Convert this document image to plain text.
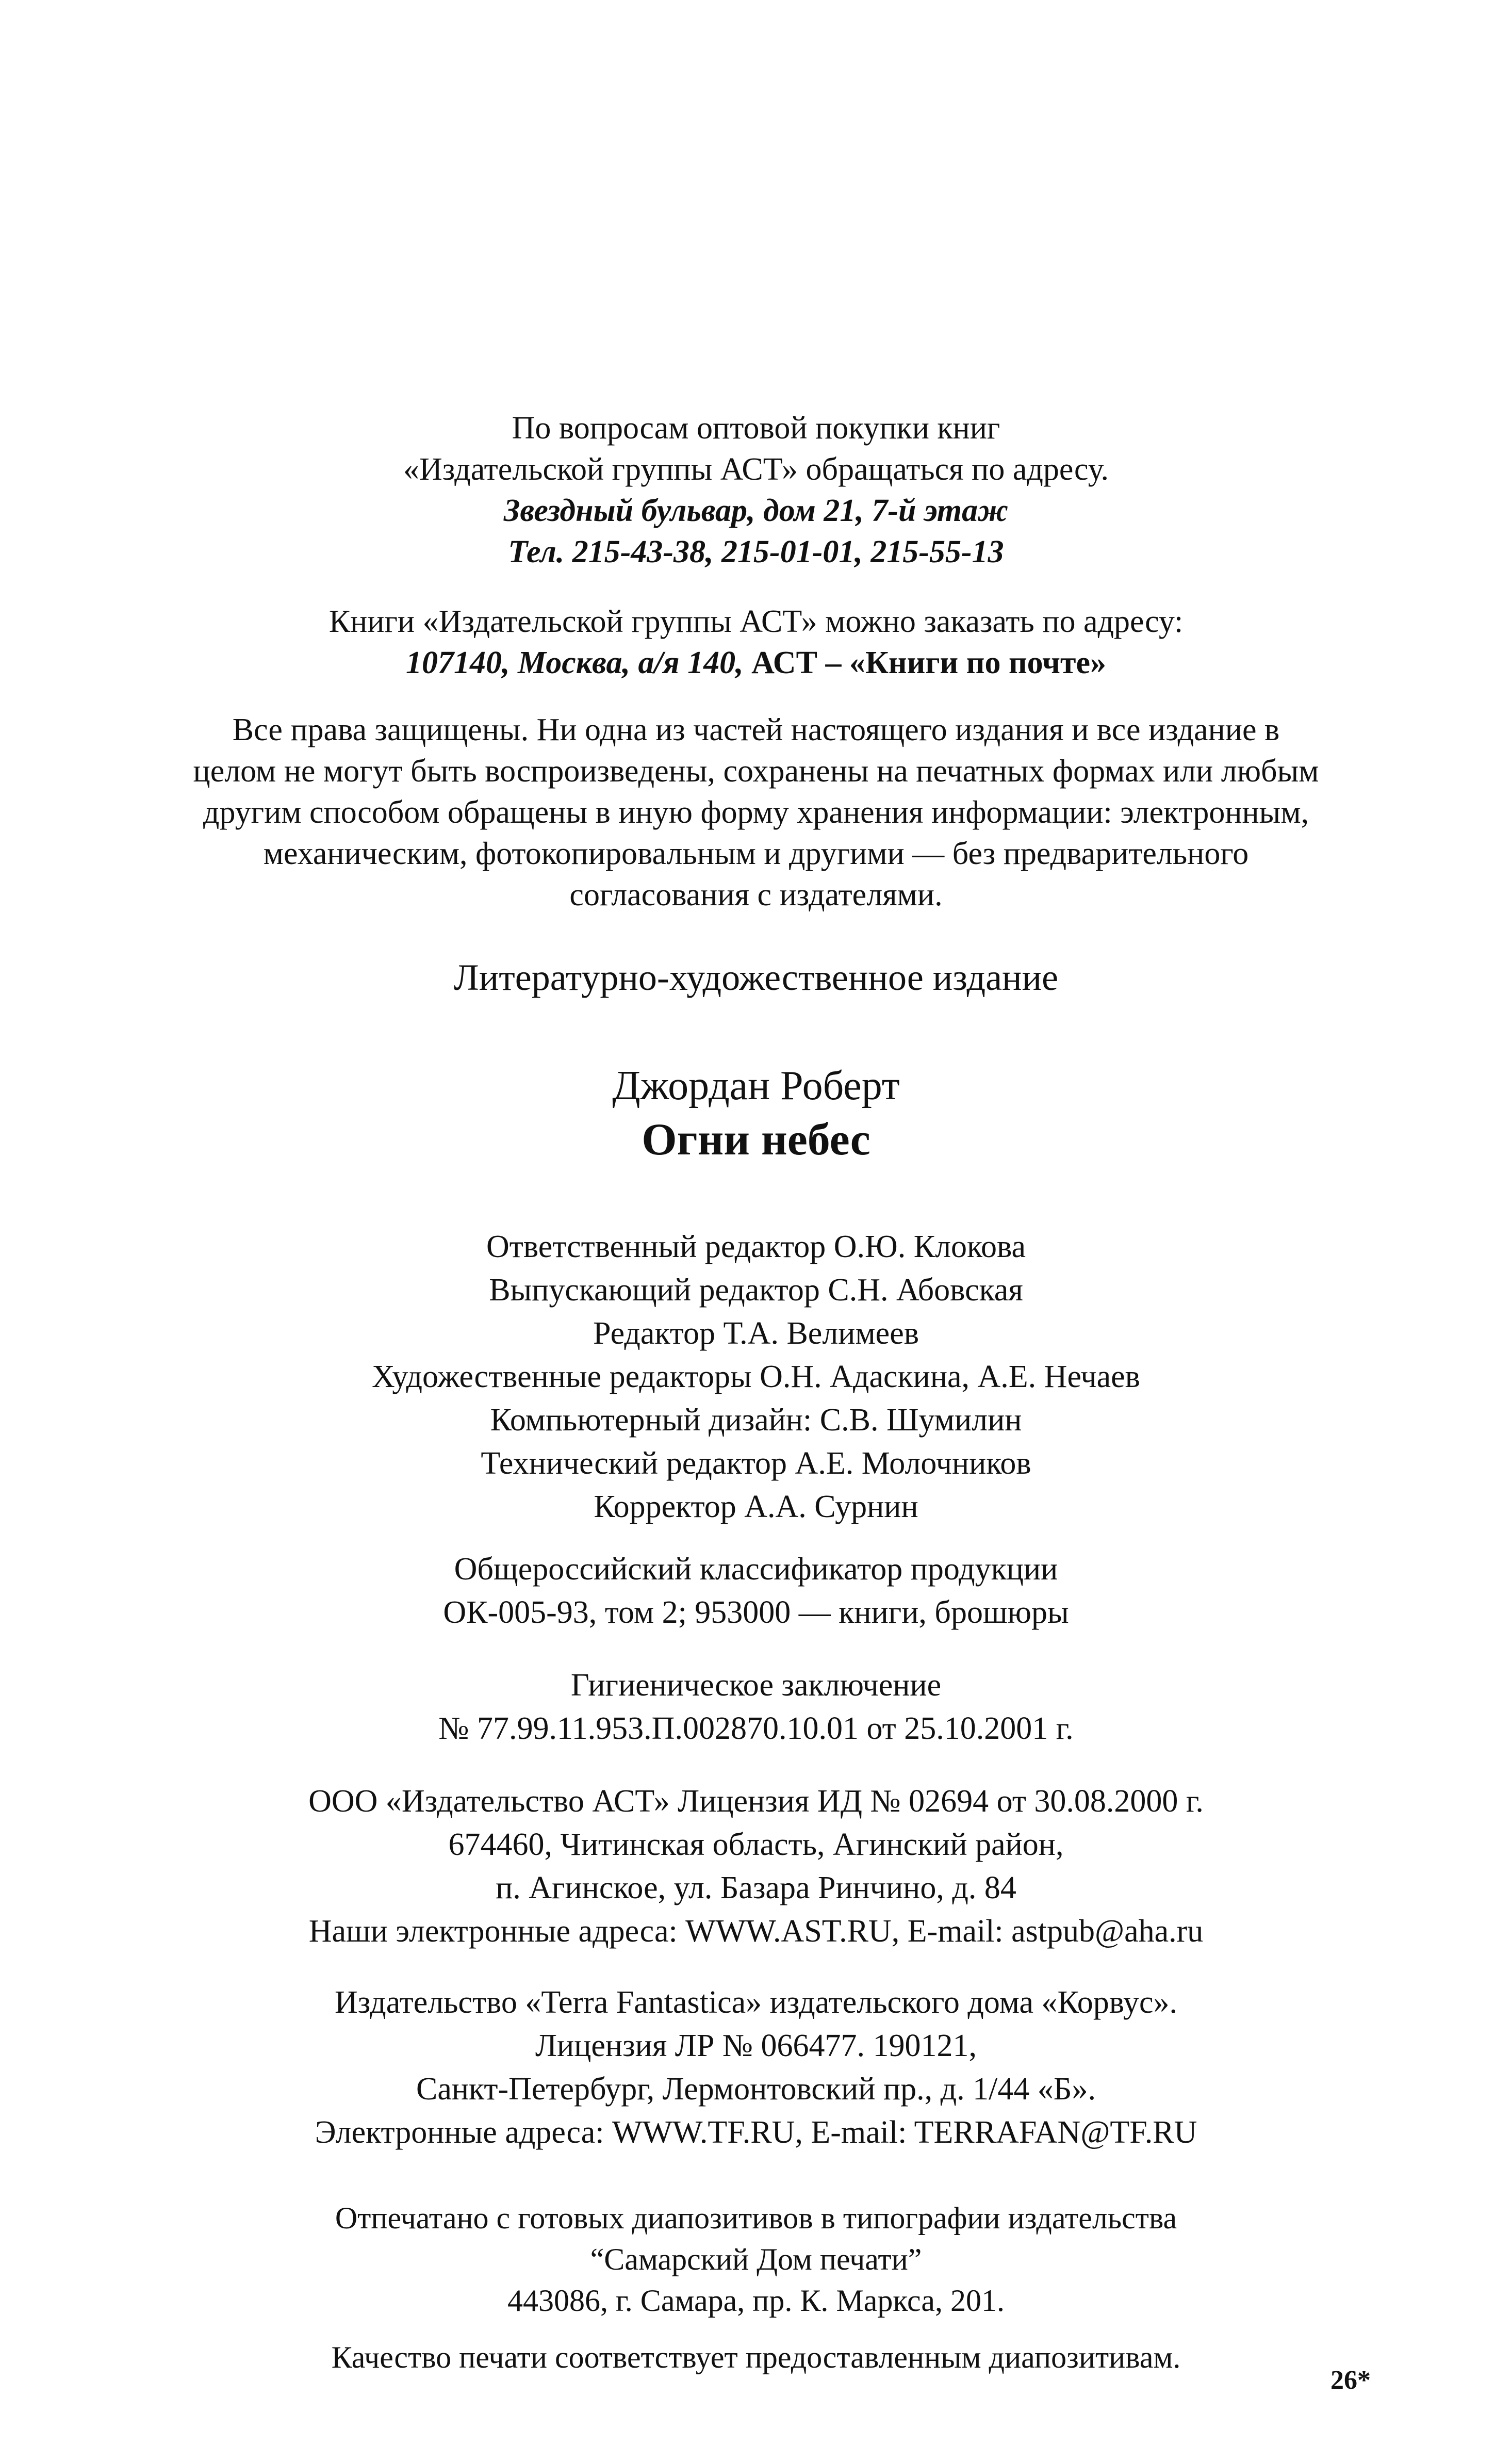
По вопросам оптовой покупки книг
«Издательской группы АСТ» обращаться по адресу.
Звездный бульвар, дом 21, 7-й этаж
Тел. 215-43-38, 215-01-01, 215-55-13
Книги «Издательской группы АСТ» можно заказать по адресу:
107140, Москва, а/я 140, АСТ – «Книги по почте»
Все права защищены. Ни одна из частей настоящего издания и все издание в
целом не могут быть воспроизведены, сохранены на печатных формах или любым
другим способом обращены в иную форму хранения информации: электронным,
механическим, фотокопировальным и другими — без предварительного
согласования с издателями.
Литературно-художественное издание
Джордан Роберт
Огни небес
Ответственный редактор О.Ю. Клокова
Выпускающий редактор С.Н. Абовская
Редактор Т.А. Велимеев
Художественные редакторы О.Н. Адаскина, А.Е. Нечаев
Компьютерный дизайн: С.В. Шумилин
Технический редактор А.Е. Молочников
Корректор А.А. Сурнин
Общероссийский классификатор продукции
ОК-005-93, том 2; 953000 — книги, брошюры
Гигиеническое заключение
№ 77.99.11.953.П.002870.10.01 от 25.10.2001 г.
ООО «Издательство АСТ» Лицензия ИД № 02694 от 30.08.2000 г.
674460, Читинская область, Агинский район,
п. Агинское, ул. Базара Ринчино, д. 84
Наши электронные адреса: WWW.AST.RU, E-mail: astpub@aha.ru
Издательство «Terra Fantastica» издательского дома «Корвус».
Лицензия ЛР № 066477. 190121,
Санкт-Петербург, Лермонтовский пр., д. 1/44 «Б».
Электронные адреса: WWW.TF.RU, E-mail: TERRAFAN@TF.RU
Отпечатано с готовых диапозитивов в типографии издательства
“Самарский Дом печати”
443086, г. Самара, пр. К. Маркса, 201.
Качество печати соответствует предоставленным диапозитивам.
26*
